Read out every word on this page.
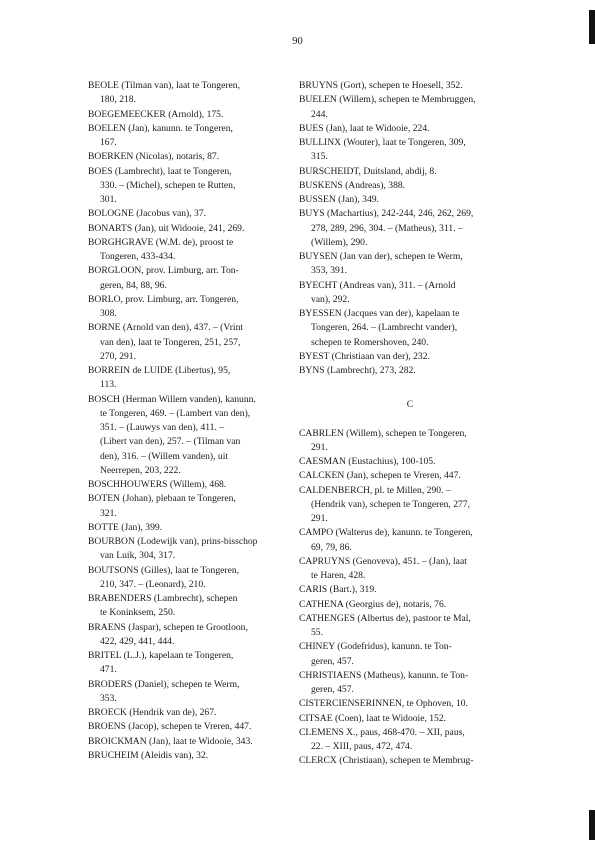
90
BEOLE (Tilman van), laat te Tongeren,
180, 218.
BOEGEMEECKER (Arnold), 175.
BOELEN (Jan), kanunn. te Tongeren,
167.
BOERKEN (Nicolas), notaris, 87.
BOES (Lambrecht), laat te Tongeren,
330. – (Michel), schepen te Rutten,
301.
BOLOGNE (Jacobus van), 37.
BONARTS (Jan), uit Widooie, 241, 269.
BORGHGRAVE (W.M. de), proost te
Tongeren, 433-434.
BORGLOON, prov. Limburg, arr. Ton-
geren, 84, 88, 96.
BORLO, prov. Limburg, arr. Tongeren,
308.
BORNE (Arnold van den), 437. – (Vrint
van den), laat te Tongeren, 251, 257,
270, 291.
BORREIN de LUIDE (Libertus), 95,
113.
BOSCH (Herman Willem vanden), kanunn.
te Tongeren, 469. – (Lambert van den),
351. – (Lauwys van den), 411. –
(Libert van den), 257. – (Tilman van
den), 316. – (Willem vanden), uit
Neerrepen, 203, 222.
BOSCHHOUWERS (Willem), 468.
BOTEN (Johan), plebaan te Tongeren,
321.
BOTTE (Jan), 399.
BOURBON (Lodewijk van), prins-bisschop
van Luik, 304, 317.
BOUTSONS (Gilles), laat te Tongeren,
210, 347. – (Leonard), 210.
BRABENDERS (Lambrecht), schepen
te Koninksem, 250.
BRAENS (Jaspar), schepen te Grootloon,
422, 429, 441, 444.
BRITEL (L.J.), kapelaan te Tongeren,
471.
BRODERS (Daniel), schepen te Werm,
353.
BROECK (Hendrik van de), 267.
BROENS (Jacop), schepen te Vreren, 447.
BROICKMAN (Jan), laat te Widooie, 343.
BRUCHEIM (Aleidis van), 32.
BRUYNS (Gort), schepen te Hoesell, 352.
BUELEN (Willem), schepen te Membruggen,
244.
BUES (Jan), laat te Widooie, 224.
BULLINX (Wouter), laat te Tongeren, 309,
315.
BURSCHEIDT, Duitsland, abdij, 8.
BUSKENS (Andreas), 388.
BUSSEN (Jan), 349.
BUYS (Machartius), 242-244, 246, 262, 269,
278, 289, 296, 304. – (Matheus), 311. –
(Willem), 290.
BUYSEN (Jan van der), schepen te Werm,
353, 391.
BYECHT (Andreas van), 311. – (Arnold
van), 292.
BYESSEN (Jacques van der), kapelaan te
Tongeren, 264. – (Lambrecht vander),
schepen te Romershoven, 240.
BYEST (Christiaan van der), 232.
BYNS (Lambrecht), 273, 282.
C
CABRLEN (Willem), schepen te Tongeren,
291.
CAESMAN (Eustachius), 100-105.
CALCKEN (Jan), schepen te Vreren, 447.
CALDENBERCH, pl. te Millen, 290. –
(Hendrik van), schepen te Tongeren, 277,
291.
CAMPO (Walterus de), kanunn. te Tongeren,
69, 79, 86.
CAPRUYNS (Genoveva), 451. – (Jan), laat
te Haren, 428.
CARIS (Bart.), 319.
CATHENA (Georgius de), notaris, 76.
CATHENGES (Albertus de), pastoor te Mal,
55.
CHINEY (Godefridus), kanunn. te Ton-
geren, 457.
CHRISTIAENS (Matheus), kanunn. te Ton-
geren, 457.
CISTERCIENSERINNEN, te Ophoven, 10.
CITSAE (Coen), laat te Widooie, 152.
CLEMENS X., paus, 468-470. – XII, paus,
22. – XIII, paus, 472, 474.
CLERCX (Christiaan), schepen te Membrug-
